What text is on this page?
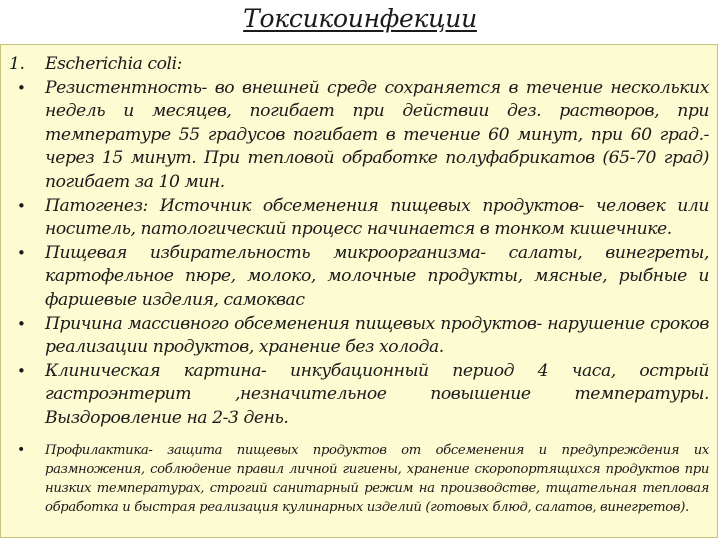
Токсикоинфекции
1. Escherichia coli:
• Резистентность- во внешней среде сохраняется в течение нескольких недель и месяцев, погибает при действии дез. растворов, при температуре 55 градусов погибает в течение 60 минут, при 60 град.-через 15 минут. При тепловой обработке полуфабрикатов (65-70 град) погибает за 10 мин.
• Патогенез: Источник обсеменения пищевых продуктов- человек или носитель, патологический процесс начинается в тонком кишечнике.
• Пищевая избирательность микроорганизма- салаты, винегреты, картофельное пюре, молоко, молочные продукты, мясные, рыбные и фаршевые изделия, самоквас
• Причина массивного обсеменения пищевых продуктов- нарушение сроков реализации продуктов, хранение без холода.
• Клиническая картина- инкубационный период 4 часа, острый гастроэнтерит ,незначительное повышение температуры. Выздоровление на 2-3 день.
• Профилактика- защита пищевых продуктов от обсеменения и предупреждения их размножения, соблюдение правил личной гигиены, хранение скоропортящихся продуктов при низких температурах, строгий санитарный режим на производстве, тщательная тепловая обработка и быстрая реализация кулинарных изделий (готовых блюд, салатов, винегретов).
